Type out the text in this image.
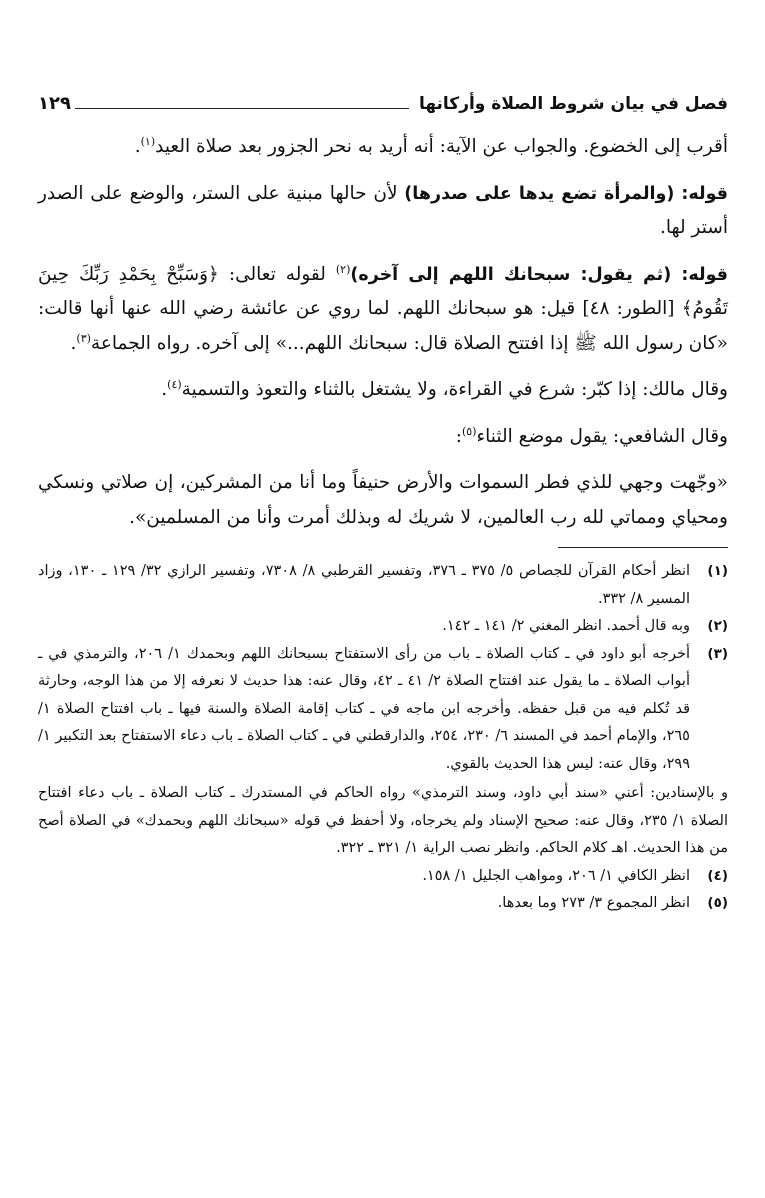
فصل في بيان شروط الصلاة وأركانها
١٢٩

أقرب إلى الخضوع. والجواب عن الآية: أنه أريد به نحر الجزور بعد صلاة العيد$^{(١)}$.

قوله: (والمرأة تضع يدها على صدرها) لأن حالها مبنية على الستر، والوضع على الصدر أستر لها.

قوله: (ثم يقول: سبحانك اللهم إلى آخره)$^{(٢)}$ لقوله تعالى: ﴿وَسَبِّحْ بِحَمْدِ رَبِّكَ حِينَ تَقُومُ﴾ [الطور: ٤٨] قيل: هو سبحانك اللهم. لما روي عن عائشة رضي الله عنها أنها قالت: «كان رسول الله ﷺ إذا افتتح الصلاة قال: سبحانك اللهم...» إلى آخره. رواه الجماعة$^{(٣)}$.

وقال مالك: إذا كبّر: شرع في القراءة، ولا يشتغل بالثناء والتعوذ والتسمية$^{(٤)}$.

وقال الشافعي: يقول موضع الثناء$^{(٥)}$:

«وجّهت وجهي للذي فطر السموات والأرض حنيفاً وما أنا من المشركين، إن صلاتي ونسكي ومحياي ومماتي لله رب العالمين، لا شريك له وبذلك أمرت وأنا من المسلمين».

(١)
انظر أحكام القرآن للجصاص ٥/ ٣٧٥ ـ ٣٧٦، وتفسير القرطبي ٨/ ٧٣٠٨، وتفسير الرازي ٣٢/ ١٢٩ ـ ١٣٠، وزاد المسير ٨/ ٣٣٢.
(٢)
وبه قال أحمد. انظر المغني ٢/ ١٤١ ـ ١٤٢.
(٣)
أخرجه أبو داود في ـ كتاب الصلاة ـ باب من رأى الاستفتاح بسبحانك اللهم وبحمدك ١/ ٢٠٦، والترمذي في ـ أبواب الصلاة ـ ما يقول عند افتتاح الصلاة ٢/ ٤١ ـ ٤٢، وقال عنه: هذا حديث لا نعرفه إلا من هذا الوجه، وحارثة قد تُكلم فيه من قبل حفظه. وأخرجه ابن ماجه في ـ كتاب إقامة الصلاة والسنة فيها ـ باب افتتاح الصلاة ١/ ٢٦٥، والإمام أحمد في المسند ٦/ ٢٣٠، ٢٥٤، والدارقطني في ـ كتاب الصلاة ـ باب دعاء الاستفتاح بعد التكبير ١/ ٢٩٩، وقال عنه: ليس هذا الحديث بالقوي.
و بالإسنادين: أعني «سند أبي داود، وسند الترمذي» رواه الحاكم في المستدرك ـ كتاب الصلاة ـ باب دعاء افتتاح الصلاة ١/ ٢٣٥، وقال عنه: صحيح الإسناد ولم يخرجاه، ولا أحفظ في قوله «سبحانك اللهم وبحمدك» في الصلاة أصح من هذا الحديث. اهـ كلام الحاكم. وانظر نصب الراية ١/ ٣٢١ ـ ٣٢٢.
(٤)
انظر الكافي ١/ ٢٠٦، ومواهب الجليل ١/ ١٥٨.
(٥)
انظر المجموع ٣/ ٢٧٣ وما بعدها.
